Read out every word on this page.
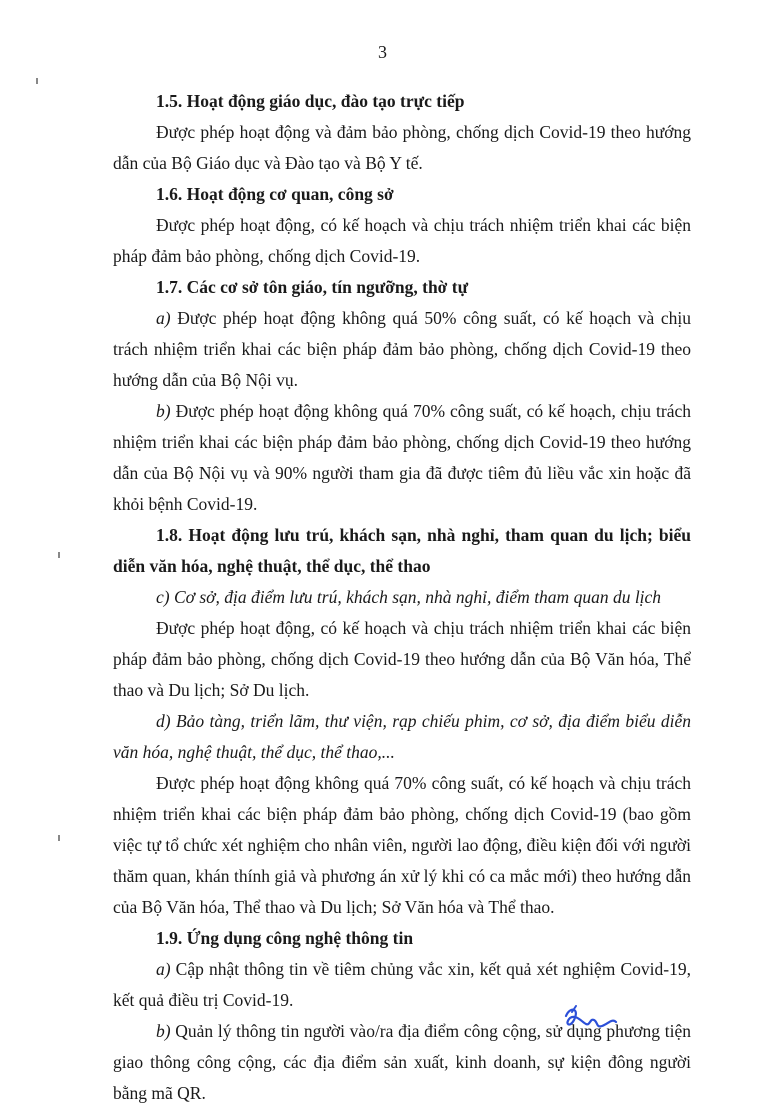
3

1.5. Hoạt động giáo dục, đào tạo trực tiếp

Được phép hoạt động và đảm bảo phòng, chống dịch Covid-19 theo hướng dẫn của Bộ Giáo dục và Đào tạo và Bộ Y tế.

1.6. Hoạt động cơ quan, công sở

Được phép hoạt động, có kế hoạch và chịu trách nhiệm triển khai các biện pháp đảm bảo phòng, chống dịch Covid-19.

1.7. Các cơ sở tôn giáo, tín ngưỡng, thờ tự

a) Được phép hoạt động không quá 50% công suất, có kế hoạch và chịu trách nhiệm triển khai các biện pháp đảm bảo phòng, chống dịch Covid-19 theo hướng dẫn của Bộ Nội vụ.

b) Được phép hoạt động không quá 70% công suất, có kế hoạch, chịu trách nhiệm triển khai các biện pháp đảm bảo phòng, chống dịch Covid-19 theo hướng dẫn của Bộ Nội vụ và 90% người tham gia đã được tiêm đủ liều vắc xin hoặc đã khỏi bệnh Covid-19.

1.8. Hoạt động lưu trú, khách sạn, nhà nghỉ, tham quan du lịch; biểu diễn văn hóa, nghệ thuật, thể dục, thể thao

c) Cơ sở, địa điểm lưu trú, khách sạn, nhà nghỉ, điểm tham quan du lịch

Được phép hoạt động, có kế hoạch và chịu trách nhiệm triển khai các biện pháp đảm bảo phòng, chống dịch Covid-19 theo hướng dẫn của Bộ Văn hóa, Thể thao và Du lịch; Sở Du lịch.

d) Bảo tàng, triển lãm, thư viện, rạp chiếu phim, cơ sở, địa điểm biểu diễn văn hóa, nghệ thuật, thể dục, thể thao,...

Được phép hoạt động không quá 70% công suất, có kế hoạch và chịu trách nhiệm triển khai các biện pháp đảm bảo phòng, chống dịch Covid-19 (bao gồm việc tự tổ chức xét nghiệm cho nhân viên, người lao động, điều kiện đối với người thăm quan, khán thính giả và phương án xử lý khi có ca mắc mới) theo hướng dẫn của Bộ Văn hóa, Thể thao và Du lịch; Sở Văn hóa và Thể thao.

1.9. Ứng dụng công nghệ thông tin

a) Cập nhật thông tin về tiêm chủng vắc xin, kết quả xét nghiệm Covid-19, kết quả điều trị Covid-19.

b) Quản lý thông tin người vào/ra địa điểm công cộng, sử dụng phương tiện giao thông công cộng, các địa điểm sản xuất, kinh doanh, sự kiện đông người bằng mã QR.
